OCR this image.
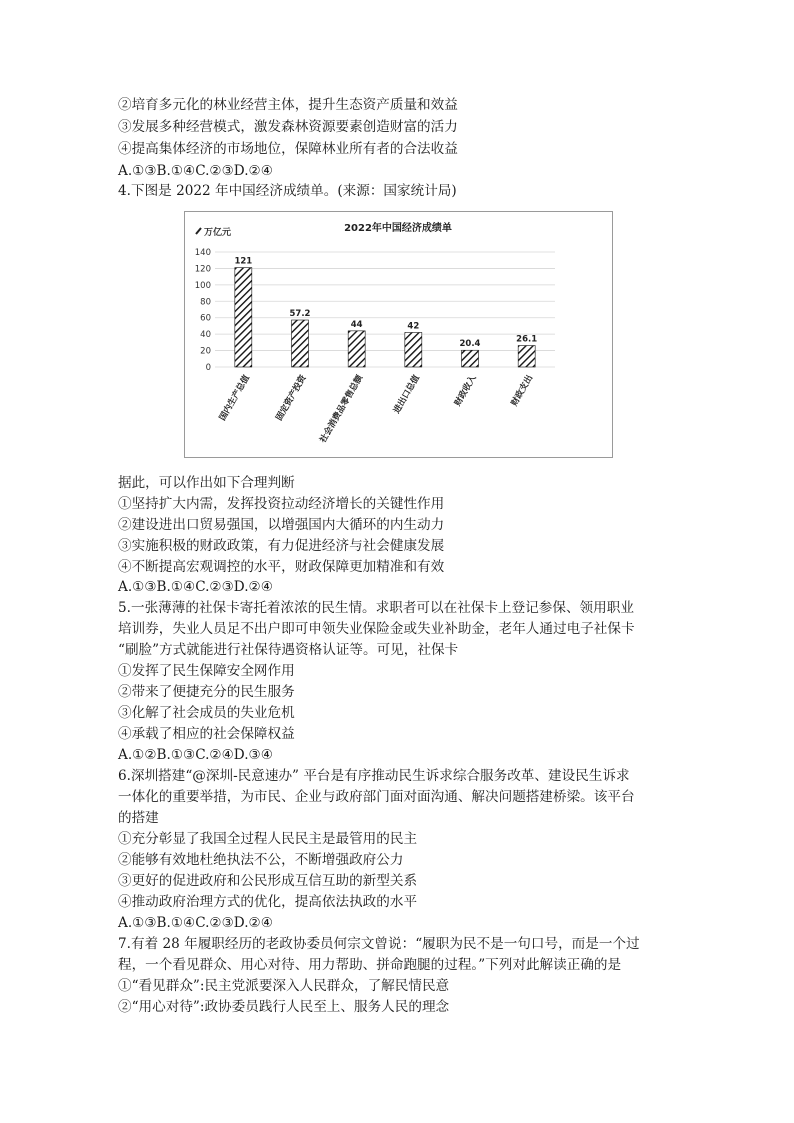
②培育多元化的林业经营主体，提升生态资产质量和效益
③发展多种经营模式，激发森林资源要素创造财富的活力
④提高集体经济的市场地位，保障林业所有者的合法收益
A.①③B.①④C.②③D.②④
4.下图是 2022 年中国经济成绩单。(来源：国家统计局)
2022年中国经济成绩单
万亿元
0
20
40
60
80
100
120
140
121
57.2
44	42
20.4	26.1
国内生产总值	固定资产投资 社会消费品零售总额	进出口总值	财政收入	财政支出
据此，可以作出如下合理判断
①坚持扩大内需，发挥投资拉动经济增长的关键性作用
②建设进出口贸易强国，以增强国内大循环的内生动力
③实施积极的财政政策，有力促进经济与社会健康发展
④不断提高宏观调控的水平，财政保障更加精准和有效
A.①③B.①④C.②③D.②④
5.一张薄薄的社保卡寄托着浓浓的民生情。求职者可以在社保卡上登记参保、领用职业
培训券，失业人员足不出户即可申领失业保险金或失业补助金，老年人通过电子社保卡
“刷脸”方式就能进行社保待遇资格认证等。可见，社保卡
①发挥了民生保障安全网作用
②带来了便捷充分的民生服务
③化解了社会成员的失业危机
④承载了相应的社会保障权益
A.①②B.①③C.②④D.③④
6.深圳搭建“@深圳-民意速办” 平台是有序推动民生诉求综合服务改革、建设民生诉求
一体化的重要举措，为市民、企业与政府部门面对面沟通、解决问题搭建桥梁。该平台
的搭建
①充分彰显了我国全过程人民民主是最管用的民主
②能够有效地杜绝执法不公，不断增强政府公力
③更好的促进政府和公民形成互信互助的新型关系
④推动政府治理方式的优化，提高依法执政的水平
A.①③B.①④C.②③D.②④
7.有着 28 年履职经历的老政协委员何宗文曾说：“履职为民不是一句口号，而是一个过
程，一个看见群众、用心对待、用力帮助、拼命跑腿的过程。”下列对此解读正确的是
①“看见群众”:民主党派要深入人民群众，了解民情民意
②“用心对待”:政协委员践行人民至上、服务人民的理念
